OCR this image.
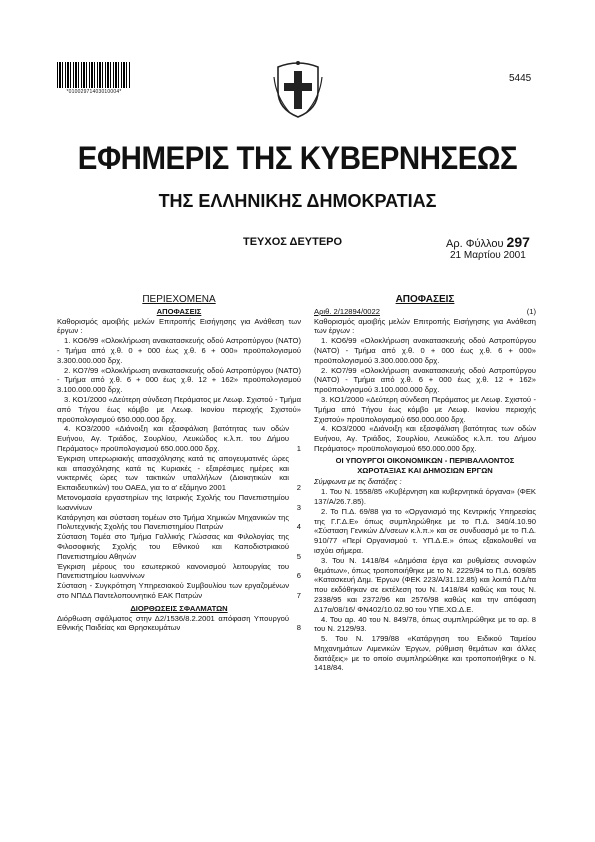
*01002971403010004*
5445
ΕΦΗΜΕΡΙΣ ΤΗΣ ΚΥΒΕΡΝΗΣΕΩΣ
ΤΗΣ ΕΛΛΗΝΙΚΗΣ ΔΗΜΟΚΡΑΤΙΑΣ
ΤΕΥΧΟΣ ΔΕΥΤΕΡΟ	Αρ. Φύλλου 297
21 Μαρτίου 2001
ΠΕΡΙΕΧΟΜΕΝΑ
ΑΠΟΦΑΣΕΙΣ

Καθορισμός αμοιβής μελών Επιτροπής Εισήγησης για Ανάθεση των έργων :

1. ΚΟ6/99 «Ολοκλήρωση ανακατασκευής οδού Αστροπύργου (ΝΑΤΟ) - Τμήμα από χ.θ. 0 + 000 έως χ.θ. 6 + 000» προϋπολογισμού 3.300.000.000 δρχ.

2. ΚΟ7/99 «Ολοκλήρωση ανακατασκευής οδού Αστροπύργου (ΝΑΤΟ) - Τμήμα από χ.θ. 6 + 000 έως χ.θ. 12 + 162» προϋπολογισμού 3.100.000.000 δρχ.

3. ΚΟ1/2000 «Δεύτερη σύνδεση Περάματος με Λεωφ. Σχιστού - Τμήμα από Τήγου έως κόμβο με Λεωφ. Ικονίου περιοχής Σχιστού» προϋπολογισμού 650.000.000 δρχ.

4. ΚΟ3/2000 «Διάνοιξη και εξασφάλιση βατότητας των οδών Ευήνου, Αγ. Τριάδος, Σουρλίου, Λευκώδος κ.λ.π. του Δήμου Περάματος» προϋπολογισμού 650.000.000 δρχ.	1

Έγκριση υπερωριακής απασχόλησης κατά τις απογευματινές ώρες και απασχόλησης κατά τις Κυριακές - εξαιρέσιμες ημέρες και νυκτερινές ώρες των τακτικών υπαλλήλων (Διοικητικών και Εκπαιδευτικών) του ΟΑΕΔ, για το α' εξάμηνο 2001	2

Μετονομασία εργαστηρίων της Ιατρικής Σχολής του Πανεπιστημίου Ιωαννίνων	3

Κατάργηση και σύσταση τομέων στο Τμήμα Χημικών Μηχανικών της Πολυτεχνικής Σχολής του Πανεπιστημίου Πατρών	4

Σύσταση Τομέα στο Τμήμα Γαλλικής Γλώσσας και Φιλολογίας της Φιλοσοφικής Σχολής του Εθνικού και Καποδιστριακού Πανεπιστημίου Αθηνών	5

Έγκριση μέρους του εσωτερικού κανονισμού λειτουργίας του Πανεπιστημίου Ιωαννίνων	6

Σύσταση - Συγκρότηση Υπηρεσιακού Συμβουλίου των εργαζομένων στο ΝΠΔΔ Παντελοπουνητικό ΕΑΚ Πατρών	7
ΔΙΟΡΘΩΣΕΙΣ ΣΦΑΛΜΑΤΩΝ

Διόρθωση σφάλματος στην Δ2/1536/8.2.2001 απόφαση Υπουργού Εθνικής Παιδείας και Θρησκευμάτων	8
ΑΠΟΦΑΣΕΙΣ
Αριθ. 2/12894/0022	(1)

Καθορισμός αμοιβής μελών Επιτροπής Εισήγησης για Ανάθεση των έργων :

1. ΚΟ6/99 «Ολοκλήρωση ανακατασκευής οδού Αστροπύργου (ΝΑΤΟ) - Τμήμα από χ.θ. 0 + 000 έως χ.θ. 6 + 000» προϋπολογισμού 3.300.000.000 δρχ.

2. ΚΟ7/99 «Ολοκλήρωση ανακατασκευής οδού Αστροπύργου (ΝΑΤΟ) - Τμήμα από χ.θ. 6 + 000 έως χ.θ. 12 + 162» προϋπολογισμού 3.100.000.000 δρχ.

3. ΚΟ1/2000 «Δεύτερη σύνδεση Περάματος με Λεωφ. Σχιστού - Τμήμα από Τήγου έως κόμβο με Λεωφ. Ικονίου περιοχής Σχιστού» προϋπολογισμού 650.000.000 δρχ.

4. ΚΟ3/2000 «Διάνοιξη και εξασφάλιση βατότητας των οδών Ευήνου, Αγ. Τριάδος, Σουρλίου, Λευκώδος κ.λ.π. του Δήμου Περάματος» προϋπολογισμού 650.000.000 δρχ.

ΟΙ ΥΠΟΥΡΓΟΙ ΟΙΚΟΝΟΜΙΚΩΝ - ΠΕΡΙΒΑΛΛΟΝΤΟΣ ΧΩΡΟΤΑΞΙΑΣ ΚΑΙ ΔΗΜΟΣΙΩΝ ΕΡΓΩΝ

Σύμφωνα με τις διατάξεις :

1. Του Ν. 1558/85 «Κυβέρνηση και κυβερνητικά όργανα» (ΦΕΚ 137/Α/26.7.85).

2. Το Π.Δ. 69/88 για το «Οργανισμό της Κεντρικής Υπηρεσίας της Γ.Γ.Δ.Ε» όπως συμπληρώθηκε με το Π.Δ. 340/4.10.90 «Σύσταση Γενικών Δ/νσεων κ.λ.π.» και σε συνδυασμό με το Π.Δ. 910/77 «Περί Οργανισμού τ. ΥΠ.Δ.Ε.» όπως εξακολουθεί να ισχύει σήμερα.

3. Του Ν. 1418/84 «Δημόσια έργα και ρυθμίσεις συναφών θεμάτων», όπως τροποποιήθηκε με το Ν. 2229/94 το Π.Δ. 609/85 «Κατασκευή Δημ. Έργων (ΦΕΚ 223/Α/31.12.85) και λοιπά Π.Δ/τα που εκδόθηκαν σε εκτέλεση του Ν. 1418/84 καθώς και τους Ν. 2338/95 και 2372/96 και 2576/98 καθώς και την απόφαση Δ17α/08/16/ ΦΝ402/10.02.90 του ΥΠΕ.ΧΩ.Δ.Ε.

4. Του αρ. 40 του Ν. 849/78, όπως συμπληρώθηκε με το αρ. 8 του Ν. 2129/93.

5. Του Ν. 1799/88 «Κατάργηση του Ειδικού Ταμείου Μηχανημάτων Λιμενικών Έργων, ρύθμιση θεμάτων και άλλες διατάξεις» με το οποίο συμπληρώθηκε και τροποποιήθηκε ο Ν. 1418/84.
